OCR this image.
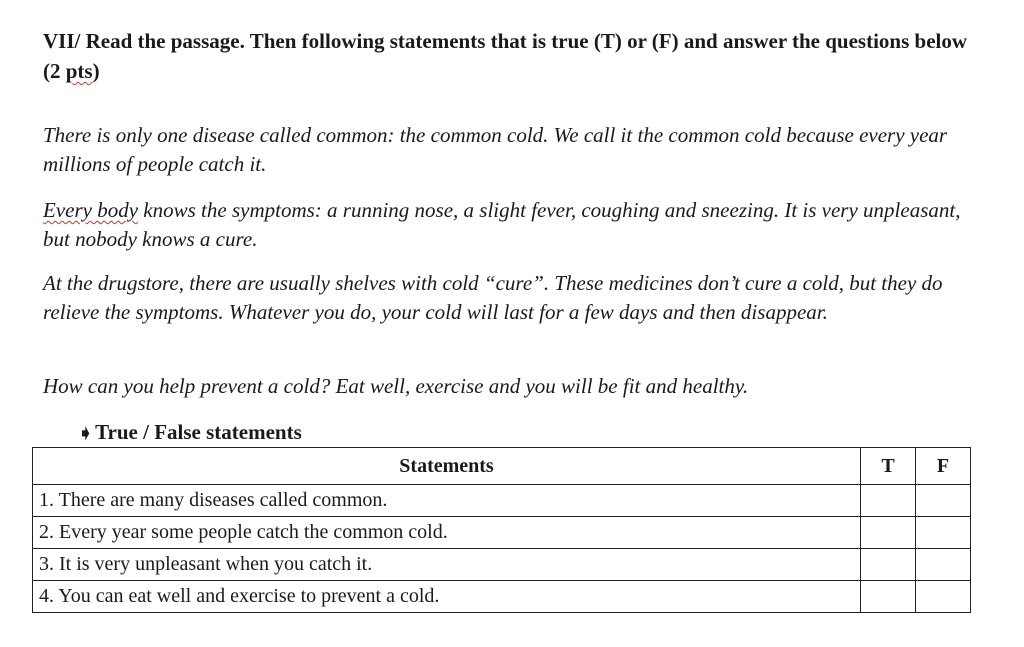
VII/ Read the passage. Then following statements that is true (T) or (F) and answer the questions below (2 pts)

There is only one disease called common: the common cold. We call it the common cold because every year millions of people catch it.

Every body knows the symptoms: a running nose, a slight fever, coughing and sneezing. It is very unpleasant, but nobody knows a cure.

At the drugstore, there are usually shelves with cold “cure”. These medicines don’t cure a cold, but they do relieve the symptoms. Whatever you do, your cold will last for a few days and then disappear.

How can you help prevent a cold? Eat well, exercise and you will be fit and healthy.

➧True / False statements
Statements	T	F
1. There are many diseases called common.		
2. Every year some people catch the common cold.		
3. It is very unpleasant when you catch it.		
4. You can eat well and exercise to prevent a cold.		
